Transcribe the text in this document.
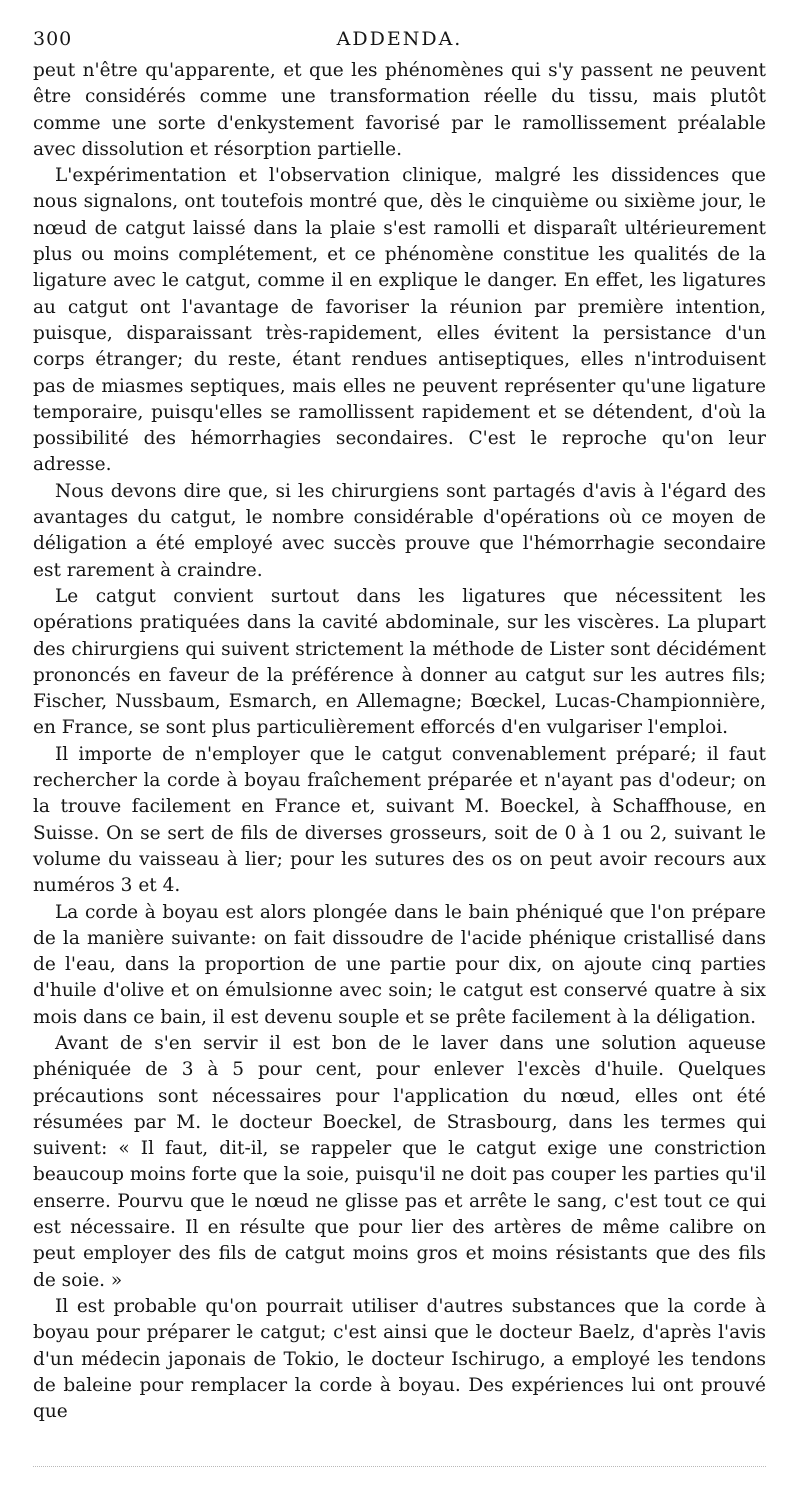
300	ADDENDA.

peut n'être qu'apparente, et que les phénomènes qui s'y passent ne peuvent être considérés comme une transformation réelle du tissu, mais plutôt comme une sorte d'enkystement favorisé par le ramollissement préalable avec dissolution et résorption partielle.

L'expérimentation et l'observation clinique, malgré les dissidences que nous signalons, ont toutefois montré que, dès le cinquième ou sixième jour, le nœud de catgut laissé dans la plaie s'est ramolli et disparaît ultérieurement plus ou moins complétement, et ce phénomène constitue les qualités de la ligature avec le catgut, comme il en explique le danger. En effet, les ligatures au catgut ont l'avantage de favoriser la réunion par première intention, puisque, disparaissant très-rapidement, elles évitent la persistance d'un corps étranger; du reste, étant rendues antiseptiques, elles n'introduisent pas de miasmes septiques, mais elles ne peuvent représenter qu'une ligature temporaire, puisqu'elles se ramollissent rapidement et se détendent, d'où la possibilité des hémorrhagies secondaires. C'est le reproche qu'on leur adresse.

Nous devons dire que, si les chirurgiens sont partagés d'avis à l'égard des avantages du catgut, le nombre considérable d'opérations où ce moyen de déligation a été employé avec succès prouve que l'hémorrhagie secondaire est rarement à craindre.

Le catgut convient surtout dans les ligatures que nécessitent les opérations pratiquées dans la cavité abdominale, sur les viscères. La plupart des chirurgiens qui suivent strictement la méthode de Lister sont décidément prononcés en faveur de la préférence à donner au catgut sur les autres fils; Fischer, Nussbaum, Esmarch, en Allemagne; Bœckel, Lucas-Championnière, en France, se sont plus particulièrement efforcés d'en vulgariser l'emploi.

Il importe de n'employer que le catgut convenablement préparé; il faut rechercher la corde à boyau fraîchement préparée et n'ayant pas d'odeur; on la trouve facilement en France et, suivant M. Boeckel, à Schaffhouse, en Suisse. On se sert de fils de diverses grosseurs, soit de 0 à 1 ou 2, suivant le volume du vaisseau à lier; pour les sutures des os on peut avoir recours aux numéros 3 et 4.

La corde à boyau est alors plongée dans le bain phéniqué que l'on prépare de la manière suivante: on fait dissoudre de l'acide phénique cristallisé dans de l'eau, dans la proportion de une partie pour dix, on ajoute cinq parties d'huile d'olive et on émulsionne avec soin; le catgut est conservé quatre à six mois dans ce bain, il est devenu souple et se prête facilement à la déligation.

Avant de s'en servir il est bon de le laver dans une solution aqueuse phéniquée de 3 à 5 pour cent, pour enlever l'excès d'huile. Quelques précautions sont nécessaires pour l'application du nœud, elles ont été résumées par M. le docteur Boeckel, de Strasbourg, dans les termes qui suivent: « Il faut, dit-il, se rappeler que le catgut exige une constriction beaucoup moins forte que la soie, puisqu'il ne doit pas couper les parties qu'il enserre. Pourvu que le nœud ne glisse pas et arrête le sang, c'est tout ce qui est nécessaire. Il en résulte que pour lier des artères de même calibre on peut employer des fils de catgut moins gros et moins résistants que des fils de soie. »

Il est probable qu'on pourrait utiliser d'autres substances que la corde à boyau pour préparer le catgut; c'est ainsi que le docteur Baelz, d'après l'avis d'un médecin japonais de Tokio, le docteur Ischirugo, a employé les tendons de baleine pour remplacer la corde à boyau. Des expériences lui ont prouvé que
